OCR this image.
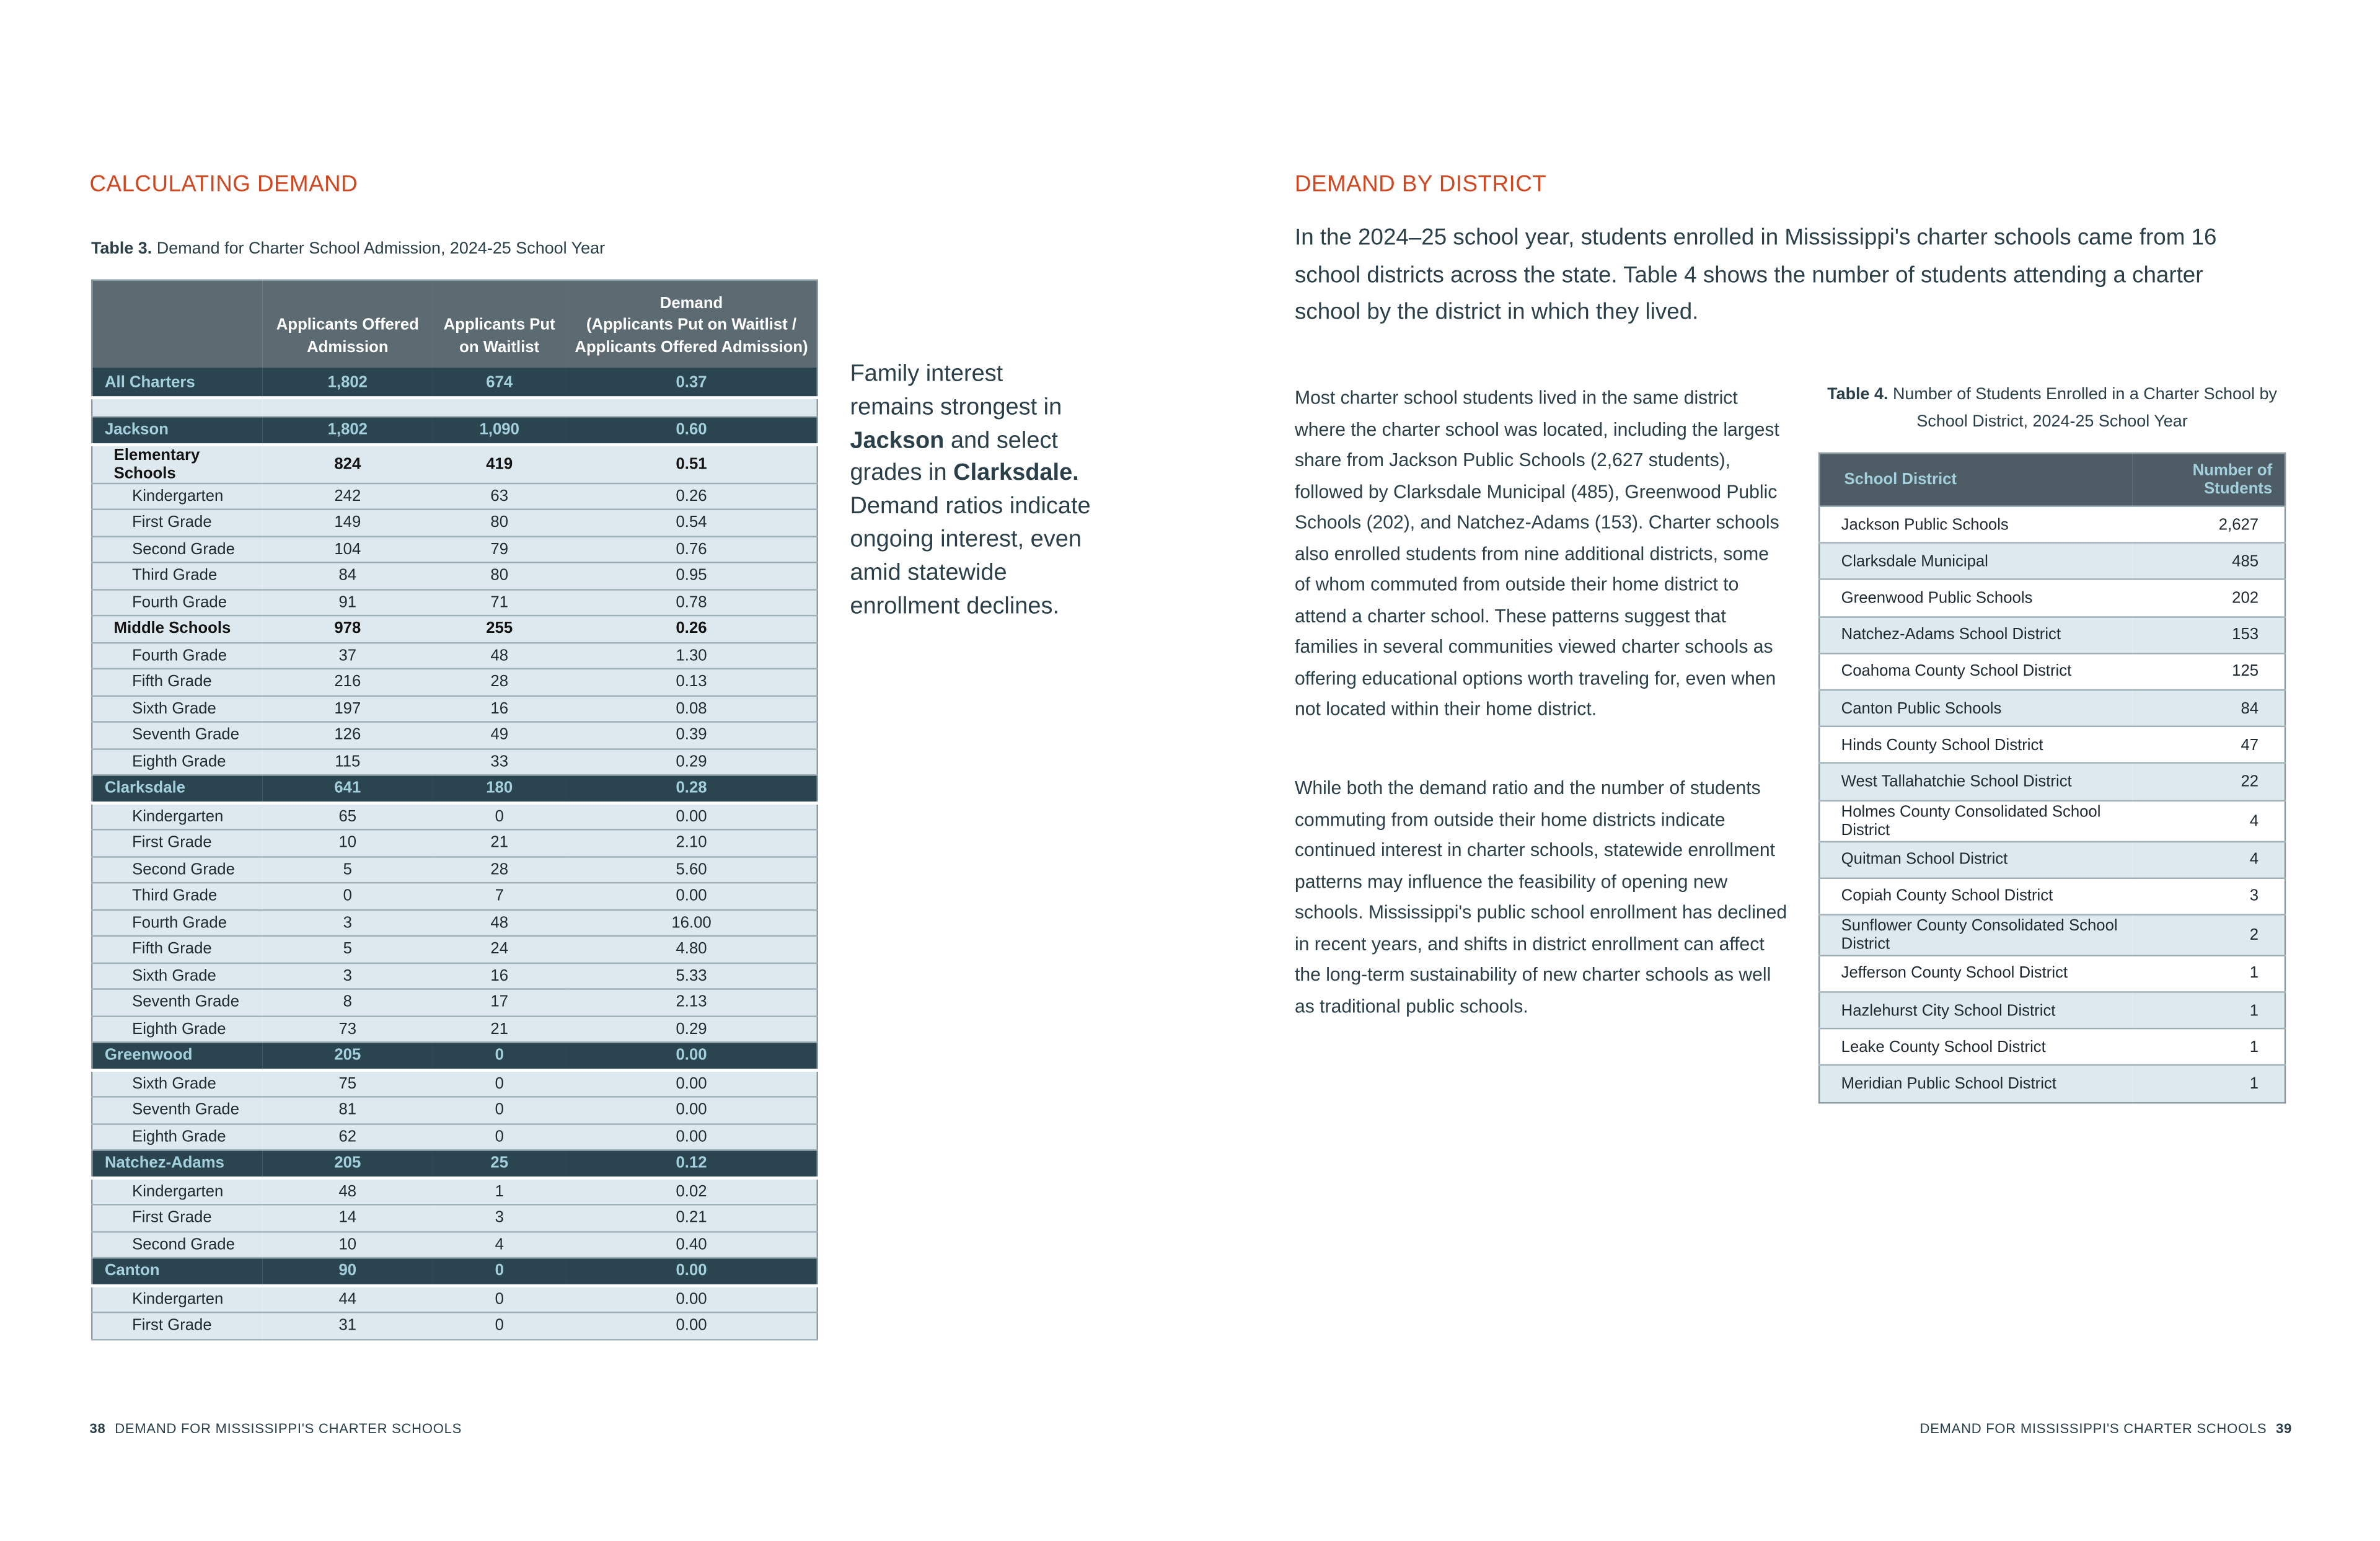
CALCULATING DEMAND
Table 3. Demand for Charter School Admission, 2024-25 School Year
	Applicants Offered Admission	Applicants Put on Waitlist	Demand
(Applicants Put on Waitlist / Applicants Offered Admission)

All Charters	1,802	674	0.37

Jackson	1,802	1,090	0.60
Elementary Schools	824	419	0.51
Kindergarten	242	63	0.26
First Grade	149	80	0.54
Second Grade	104	79	0.76
Third Grade	84	80	0.95
Fourth Grade	91	71	0.78
Middle Schools	978	255	0.26
Fourth Grade	37	48	1.30
Fifth Grade	216	28	0.13
Sixth Grade	197	16	0.08
Seventh Grade	126	49	0.39
Eighth Grade	115	33	0.29
Clarksdale	641	180	0.28
Kindergarten	65	0	0.00
First Grade	10	21	2.10
Second Grade	5	28	5.60
Third Grade	0	7	0.00
Fourth Grade	3	48	16.00
Fifth Grade	5	24	4.80
Sixth Grade	3	16	5.33
Seventh Grade	8	17	2.13
Eighth Grade	73	21	0.29
Greenwood	205	0	0.00
Sixth Grade	75	0	0.00
Seventh Grade	81	0	0.00
Eighth Grade	62	0	0.00
Natchez-Adams	205	25	0.12
Kindergarten	48	1	0.02
First Grade	14	3	0.21
Second Grade	10	4	0.40
Canton	90	0	0.00
Kindergarten	44	0	0.00
First Grade	31	0	0.00
Family interest remains strongest in Jackson and select grades in Clarksdale. Demand ratios indicate ongoing interest, even amid statewide enrollment declines.
38 DEMAND FOR MISSISSIPPI'S CHARTER SCHOOLS
DEMAND BY DISTRICT
In the 2024–25 school year, students enrolled in Mississippi's charter schools came from 16 school districts across the state. Table 4 shows the number of students attending a charter school by the district in which they lived.
Most charter school students lived in the same district where the charter school was located, including the largest share from Jackson Public Schools (2,627 students), followed by Clarksdale Municipal (485), Greenwood Public Schools (202), and Natchez-Adams (153). Charter schools also enrolled students from nine additional districts, some of whom commuted from outside their home district to attend a charter school. These patterns suggest that families in several communities viewed charter schools as offering educational options worth traveling for, even when not located within their home district.
While both the demand ratio and the number of students commuting from outside their home districts indicate continued interest in charter schools, statewide enrollment patterns may influence the feasibility of opening new schools. Mississippi's public school enrollment has declined in recent years, and shifts in district enrollment can affect the long-term sustainability of new charter schools as well as traditional public schools.
Table 4. Number of Students Enrolled in a Charter School by School District, 2024-25 School Year
School District	Number of Students
Jackson Public Schools	2,627
Clarksdale Municipal	485
Greenwood Public Schools	202
Natchez-Adams School District	153
Coahoma County School District	125
Canton Public Schools	84
Hinds County School District	47
West Tallahatchie School District	22
Holmes County Consolidated School District	4
Quitman School District	4
Copiah County School District	3
Sunflower County Consolidated School District	2
Jefferson County School District	1
Hazlehurst City School District	1
Leake County School District	1
Meridian Public School District	1
DEMAND FOR MISSISSIPPI'S CHARTER SCHOOLS 39
